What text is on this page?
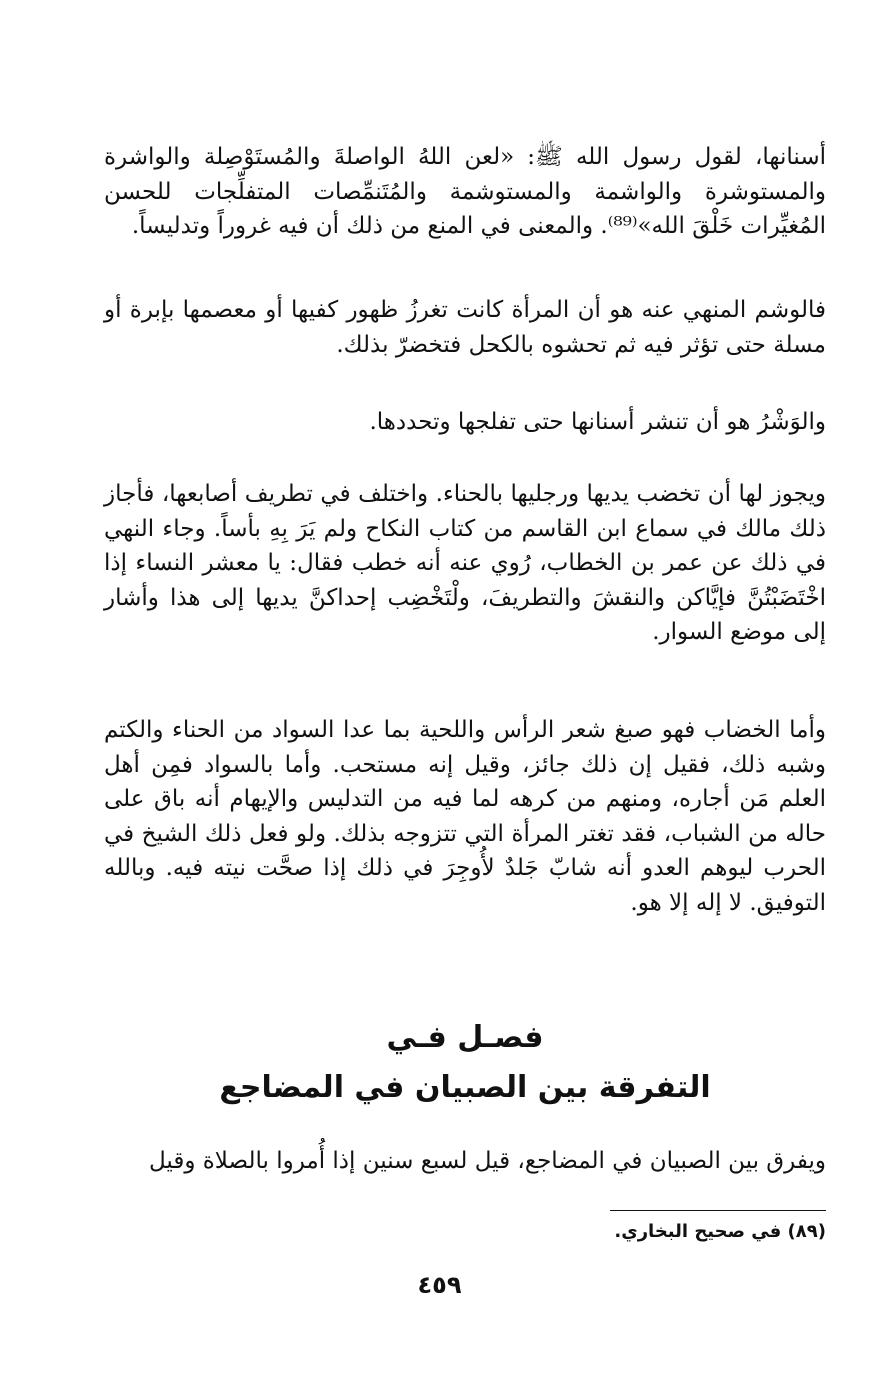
أسنانها، لقول رسول الله ﷺ: «لعن اللهُ الواصلةَ والمُستَوْصِلة والواشرة والمستوشرة والواشمة والمستوشمة والمُتَنمِّصات المتفلِّجات للحسن المُغيِّرات خَلْقَ الله»⁽⁸⁹⁾. والمعنى في المنع من ذلك أن فيه غروراً وتدليساً.

فالوشم المنهي عنه هو أن المرأة كانت تغرزُ ظهور كفيها أو معصمها بإبرة أو مسلة حتى تؤثر فيه ثم تحشوه بالكحل فتخضرّ بذلك.

والوَشْرُ هو أن تنشر أسنانها حتى تفلجها وتحددها.

ويجوز لها أن تخضب يديها ورجليها بالحناء. واختلف في تطريف أصابعها، فأجاز ذلك مالك في سماع ابن القاسم من كتاب النكاح ولم يَرَ بِهِ بأساً. وجاء النهي في ذلك عن عمر بن الخطاب، رُوي عنه أنه خطب فقال: يا معشر النساء إذا اخْتَضَبْتُنَّ فإيَّاكن والنقشَ والتطريفَ، ولْتَخْضِب إحداكنَّ يديها إلى هذا وأشار إلى موضع السوار.

وأما الخضاب فهو صبغ شعر الرأس واللحية بما عدا السواد من الحناء والكتم وشبه ذلك، فقيل إن ذلك جائز، وقيل إنه مستحب. وأما بالسواد فمِن أهل العلم مَن أجاره، ومنهم من كرهه لما فيه من التدليس والإيهام أنه باق على حاله من الشباب، فقد تغتر المرأة التي تتزوجه بذلك. ولو فعل ذلك الشيخ في الحرب ليوهم العدو أنه شابّ جَلدٌ لأُوجِرَ في ذلك إذا صحَّت نيته فيه. وبالله التوفيق. لا إله إلا هو.

فصـل فـي
التفرقة بين الصبيان في المضاجع

ويفرق بين الصبيان في المضاجع، قيل لسبع سنين إذا أُمروا بالصلاة وقيل

(٨٩) في صحيح البخاري.

٤٥٩
